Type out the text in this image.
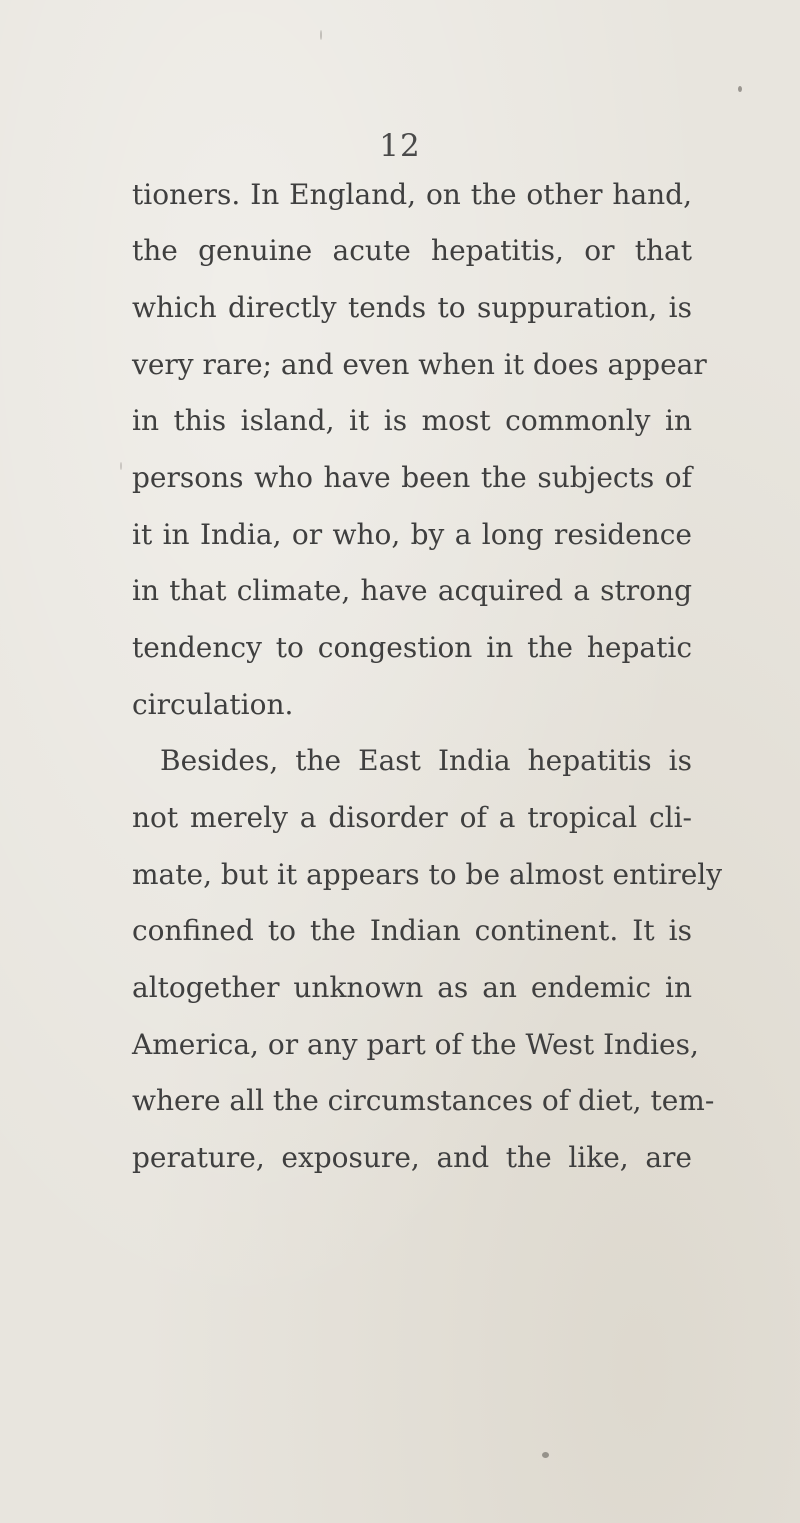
12
tioners. In England, on the other hand,
the genuine acute hepatitis, or that
which directly tends to suppuration, is
very rare; and even when it does appear
in this island, it is most commonly in
persons who have been the subjects of
it in India, or who, by a long residence
in that climate, have acquired a strong
tendency to congestion in the hepatic
circulation.
Besides, the East India hepatitis is
not merely a disorder of a tropical cli-
mate, but it appears to be almost entirely
confined to the Indian continent. It is
altogether unknown as an endemic in
America, or any part of the West Indies,
where all the circumstances of diet, tem-
perature, exposure, and the like, are
